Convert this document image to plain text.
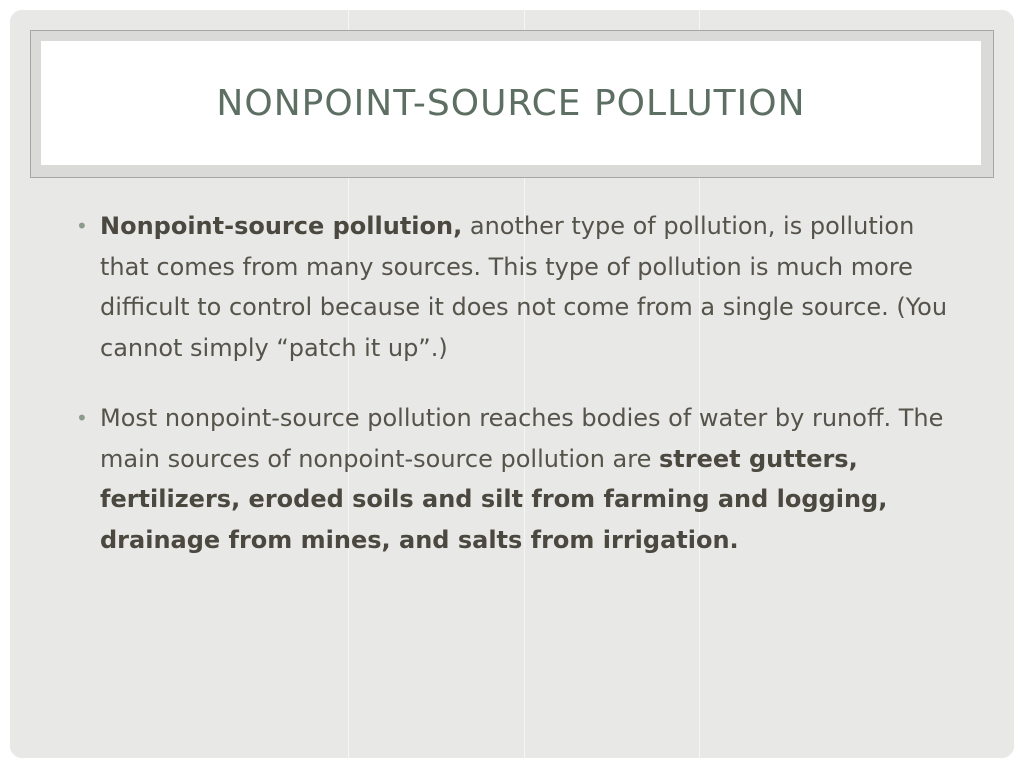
NONPOINT-SOURCE POLLUTION
• Nonpoint-source pollution, another type of pollution, is pollution that comes from many sources. This type of pollution is much more difficult to control because it does not come from a single source. (You cannot simply “patch it up”.)
• Most nonpoint-source pollution reaches bodies of water by runoff. The main sources of nonpoint-source pollution are street gutters, fertilizers, eroded soils and silt from farming and logging, drainage from mines, and salts from irrigation.
